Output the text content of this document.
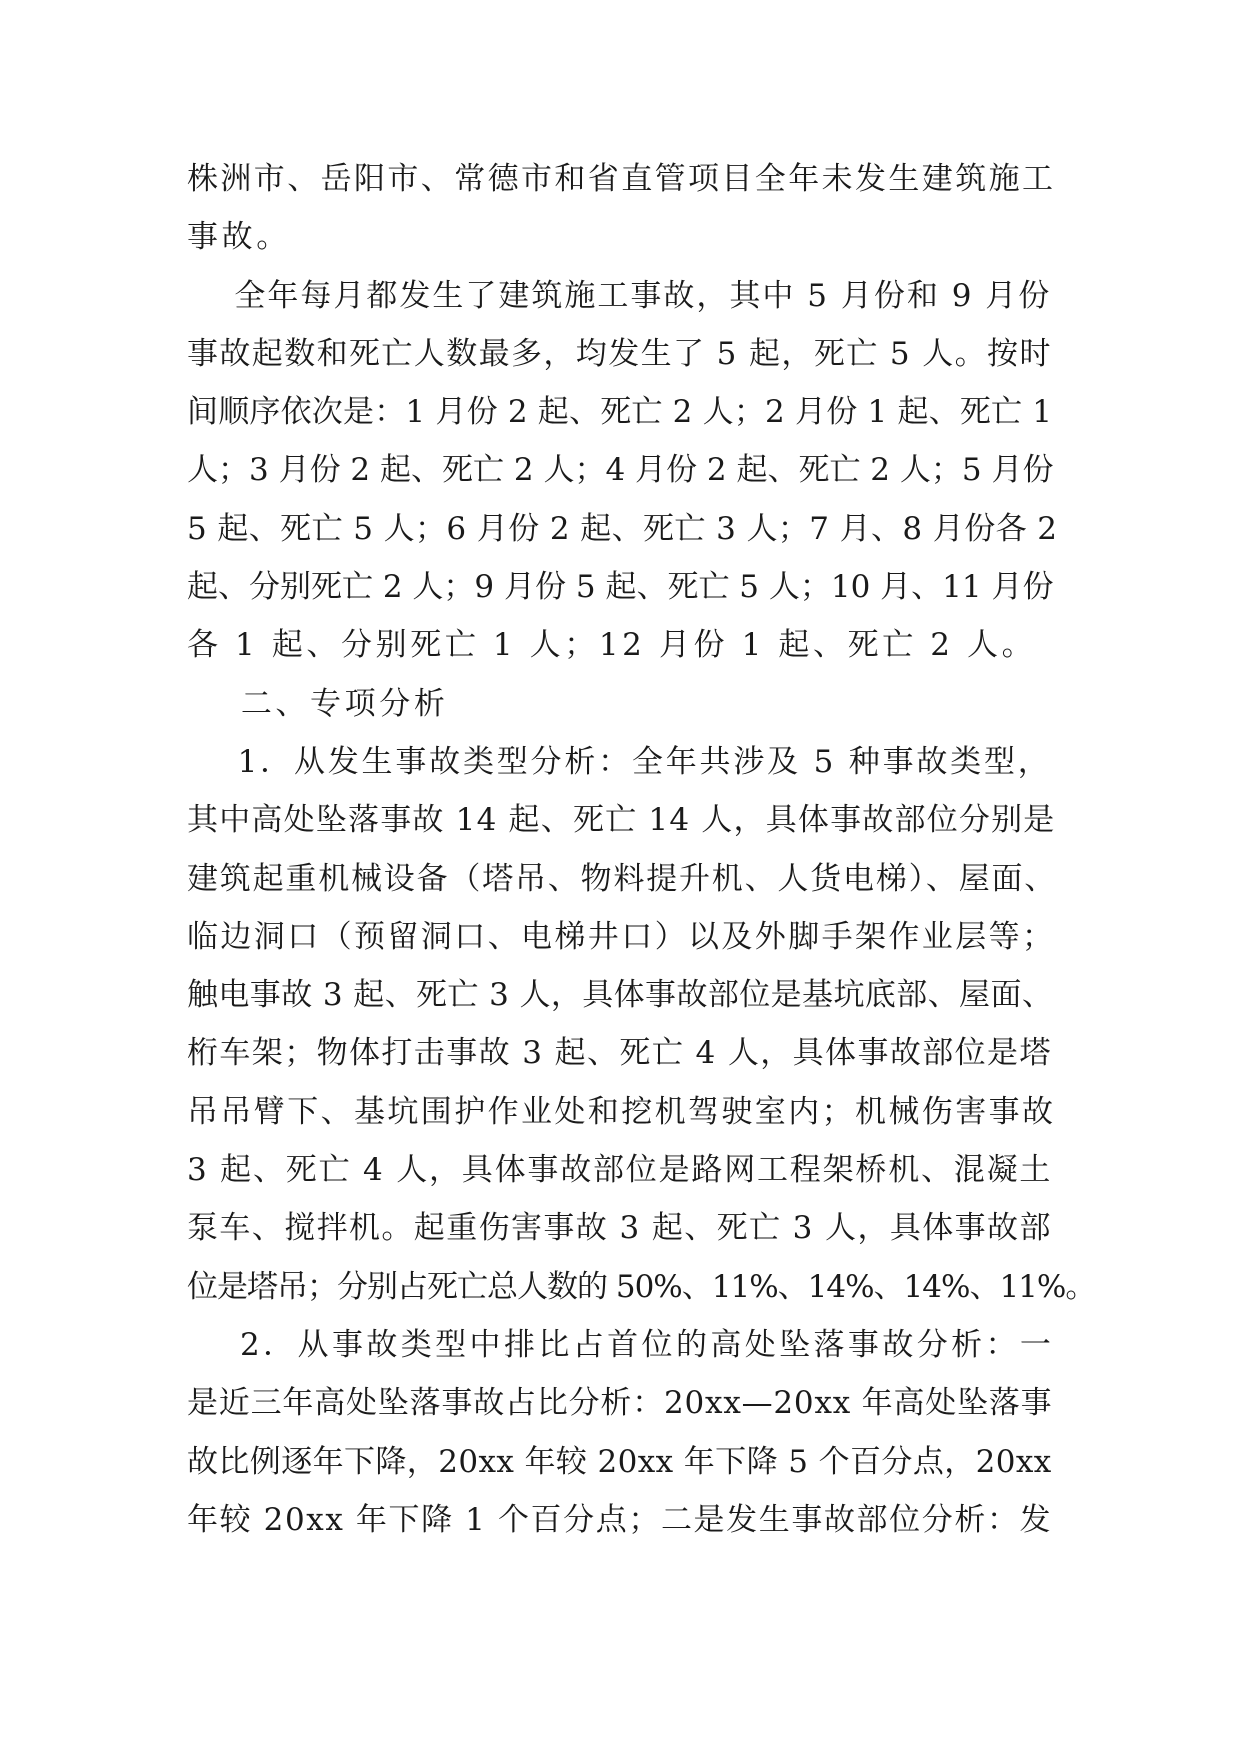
株洲市、岳阳市、常德市和省直管项目全年未发生建筑施工
事故。
全年每月都发生了建筑施工事故，其中 5 月份和 9 月份
事故起数和死亡人数最多，均发生了 5 起，死亡 5 人。按时
间顺序依次是：1 月份 2 起、死亡 2 人；2 月份 1 起、死亡 1
人；3 月份 2 起、死亡 2 人；4 月份 2 起、死亡 2 人；5 月份
5 起、死亡 5 人；6 月份 2 起、死亡 3 人；7 月、8 月份各 2
起、分别死亡 2 人；9 月份 5 起、死亡 5 人；10 月、11 月份
各 1 起、分别死亡 1 人；12 月份 1 起、死亡 2 人。
二、专项分析
1．从发生事故类型分析：全年共涉及 5 种事故类型，
其中高处坠落事故 14 起、死亡 14 人，具体事故部位分别是
建筑起重机械设备（塔吊、物料提升机、人货电梯）、屋面、
临边洞口（预留洞口、电梯井口）以及外脚手架作业层等；
触电事故 3 起、死亡 3 人，具体事故部位是基坑底部、屋面、
桁车架；物体打击事故 3 起、死亡 4 人，具体事故部位是塔
吊吊臂下、基坑围护作业处和挖机驾驶室内；机械伤害事故
3 起、死亡 4 人，具体事故部位是路网工程架桥机、混凝土
泵车、搅拌机。起重伤害事故 3 起、死亡 3 人，具体事故部
位是塔吊；分别占死亡总人数的 50%、11%、14%、14%、11%。
2．从事故类型中排比占首位的高处坠落事故分析：一
是近三年高处坠落事故占比分析：20xx—20xx 年高处坠落事
故比例逐年下降，20xx 年较 20xx 年下降 5 个百分点，20xx
年较 20xx 年下降 1 个百分点；二是发生事故部位分析：发
